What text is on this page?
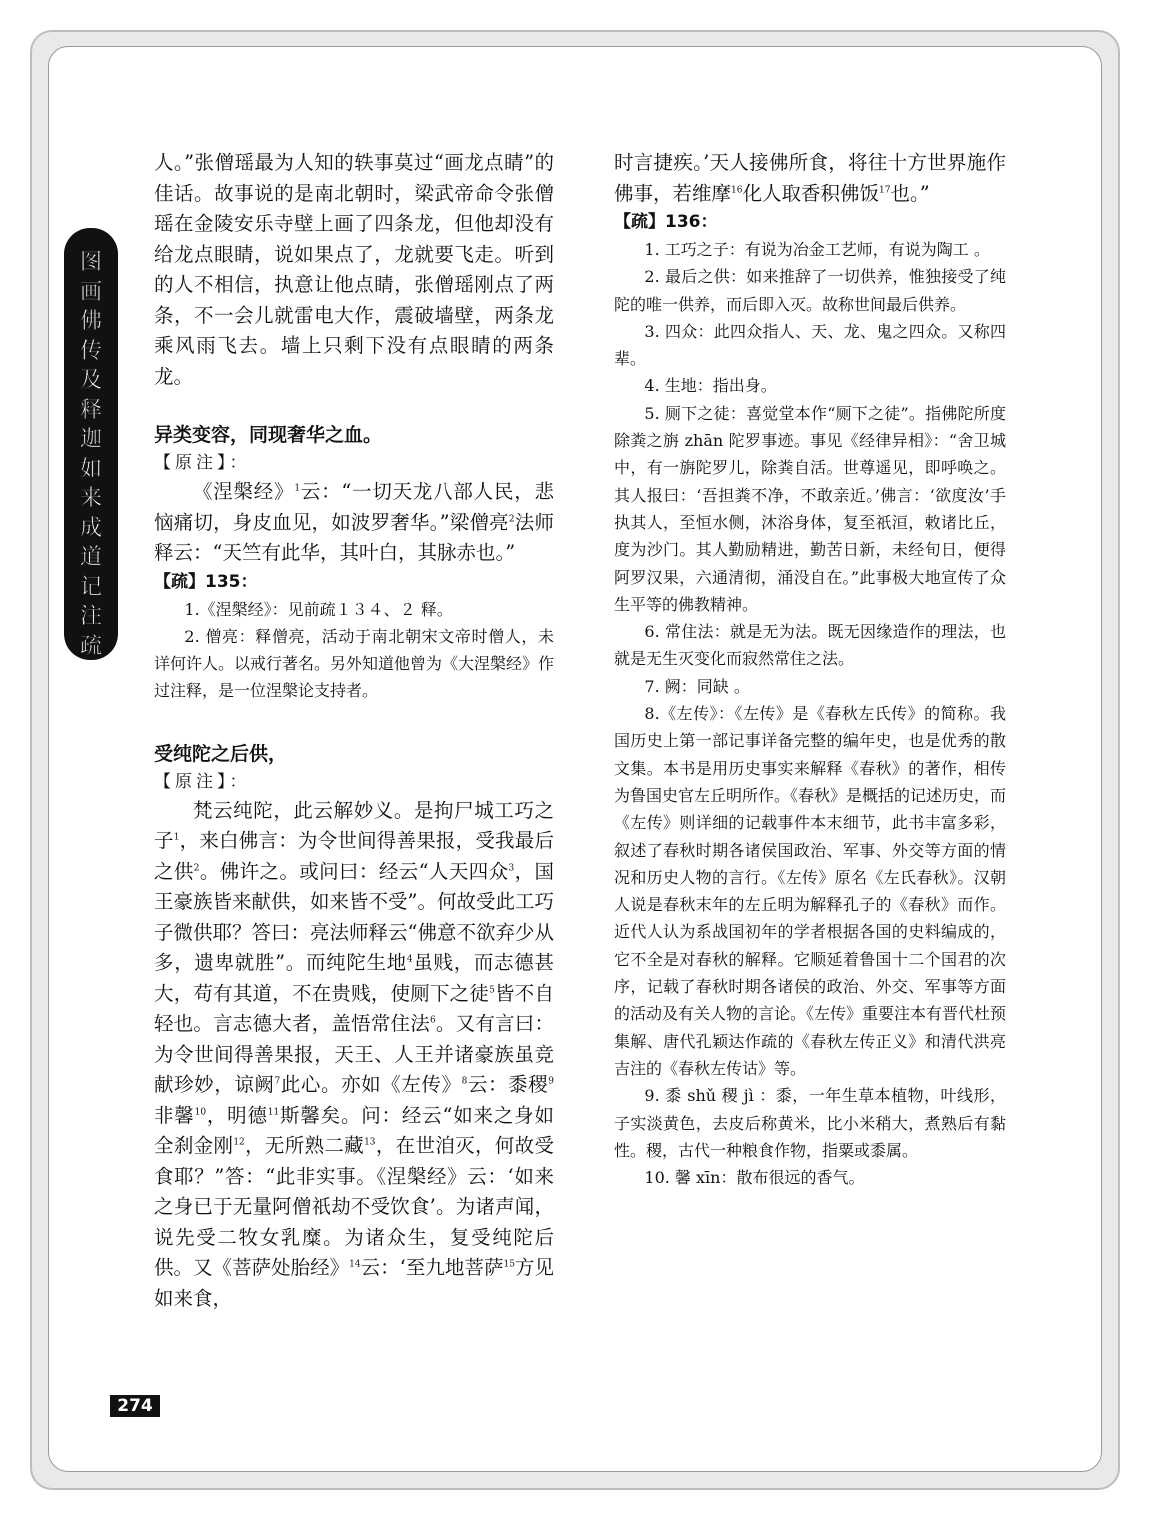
图
画
佛
传
及
释
迦
如
来
成
道
记
注
疏

人。”张僧瑶最为人知的轶事莫过“画龙点睛”的佳话。故事说的是南北朝时，梁武帝命令张僧瑶在金陵安乐寺壁上画了四条龙，但他却没有给龙点眼睛，说如果点了，龙就要飞走。听到的人不相信，执意让他点睛，张僧瑶刚点了两条，不一会儿就雷电大作，震破墙壁，两条龙乘风雨飞去。墙上只剩下没有点眼睛的两条龙。

异类变容，同现奢华之血。

【原注】：

《涅槃经》$^1$云：“一切天龙八部人民，悲恼痛切，身皮血见，如波罗奢华。”梁僧亮$^2$法师释云：“天竺有此华，其叶白，其脉赤也。”

【疏】135：

1.《涅槃经》：见前疏１３４、２ 释。

2. 僧亮：释僧亮，活动于南北朝宋文帝时僧人，未详何许人。以戒行著名。另外知道他曾为《大涅槃经》作过注释，是一位涅槃论支持者。

受纯陀之后供，

【原注】：

梵云纯陀，此云解妙义。是拘尸城工巧之子$^1$，来白佛言：为令世间得善果报，受我最后之供$^2$。佛许之。或问曰：经云“人天四众$^3$，国王豪族皆来献供，如来皆不受”。何故受此工巧子微供耶？答曰：亮法师释云“佛意不欲弃少从多，遗卑就胜”。而纯陀生地$^4$虽贱，而志德甚大，苟有其道，不在贵贱，使厕下之徒$^5$皆不自轻也。言志德大者，盖悟常住法$^6$。又有言曰：为令世间得善果报，天王、人王并诸豪族虽竞献珍妙，谅阙$^7$此心。亦如《左传》$^8$云：黍稷$^9$非馨$^{10}$，明德$^{11}$斯馨矣。问：经云“如来之身如全刹金刚$^{12}$，无所熟二藏$^{13}$，在世洎灭，何故受食耶？”答：“此非实事。《涅槃经》云：‘如来之身已于无量阿僧祇劫不受饮食’。为诸声闻，说先受二牧女乳糜。为诸众生，复受纯陀后供。又《菩萨处胎经》$^{14}$云：‘至九地菩萨$^{15}$方见如来食，

时言捷疾。’天人接佛所食，将往十方世界施作佛事，若维摩$^{16}$化人取香积佛饭$^{17}$也。”

【疏】136：

1. 工巧之子：有说为冶金工艺师，有说为陶工 。

2. 最后之供：如来推辞了一切供养，惟独接受了纯陀的唯一供养，而后即入灭。故称世间最后供养。

3. 四众：此四众指人、天、龙、鬼之四众。又称四辈。

4. 生地：指出身。

5. 厕下之徒：喜觉堂本作“厕下之徒”。指佛陀所度除粪之旃 zhān 陀罗事迹。事见《经律异相》：“舍卫城中，有一旃陀罗儿，除粪自活。世尊遥见，即呼唤之。其人报曰：‘吾担粪不净，不敢亲近。’佛言：‘欲度汝’手执其人，至恒水侧，沐浴身体，复至祇洹，敕诸比丘，度为沙门。其人勤励精进，勤苦日新，未经旬日，便得阿罗汉果，六通清彻，涌没自在。”此事极大地宣传了众生平等的佛教精神。

6. 常住法：就是无为法。既无因缘造作的理法，也就是无生灭变化而寂然常住之法。

7. 阙：同缺 。

8.《左传》：《左传》是《春秋左氏传》的简称。我国历史上第一部记事详备完整的编年史，也是优秀的散文集。本书是用历史事实来解释《春秋》的著作，相传为鲁国史官左丘明所作。《春秋》是概括的记述历史，而《左传》则详细的记载事件本末细节，此书丰富多彩，叙述了春秋时期各诸侯国政治、军事、外交等方面的情况和历史人物的言行。《左传》原名《左氏春秋》。汉朝人说是春秋末年的左丘明为解释孔子的《春秋》而作。近代人认为系战国初年的学者根据各国的史料编成的，它不全是对春秋的解释。它顺延着鲁国十二个国君的次序，记载了春秋时期各诸侯的政治、外交、军事等方面的活动及有关人物的言论。《左传》重要注本有晋代杜预集解、唐代孔颖达作疏的《春秋左传正义》和清代洪亮吉注的《春秋左传诂》等。

9. 黍 shǔ 稷 jì ：黍，一年生草本植物，叶线形，子实淡黄色，去皮后称黄米，比小米稍大，煮熟后有黏性。稷，古代一种粮食作物，指粟或黍属。

10. 馨 xīn：散布很远的香气。

274
